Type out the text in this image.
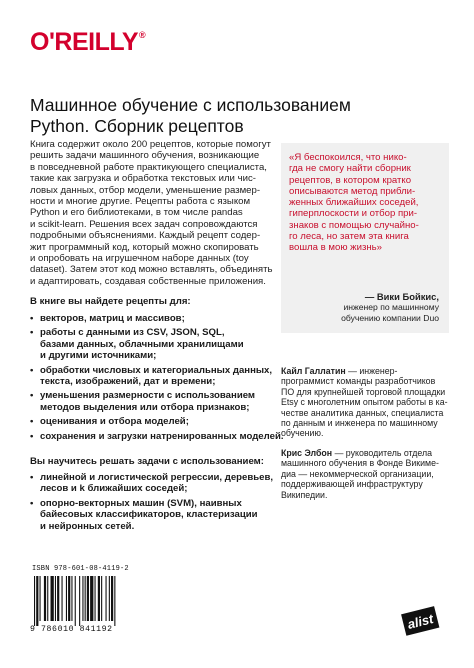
O'REILLY®
Машинное обучение с использованием
Python. Сборник рецептов
Книга содержит около 200 рецептов, которые помогут
решить задачи машинного обучения, возникающие
в повседневной работе практикующего специалиста,
такие как загрузка и обработка текстовых или чис-
ловых данных, отбор модели, уменьшение размер-
ности и многие другие. Рецепты работа с языком
Python и его библиотеками, в том числе pandas
и scikit-learn. Решения всех задач сопровождаются
подробными объяснениями. Каждый рецепт содер-
жит программный код, который можно скопировать
и опробовать на игрушечном наборе данных (toy
dataset). Затем этот код можно вставлять, объединять
и адаптировать, создавая собственные приложения.
В книге вы найдете рецепты для:
• векторов, матриц и массивов;
• работы с данными из CSV, JSON, SQL,
базами данных, облачными хранилищами
и другими источниками;
• обработки числовых и категориальных данных,
текста, изображений, дат и времени;
• уменьшения размерности с использованием
методов выделения или отбора признаков;
• оценивания и отбора моделей;
• сохранения и загрузки натренированных моделей.
Вы научитесь решать задачи с использованием:
• линейной и логистической регрессии, деревьев,
лесов и k ближайших соседей;
• опорно-векторных машин (SVM), наивных
байесовых классификаторов, кластеризации
и нейронных сетей.
«Я беспокоился, что нико-
гда не смогу найти сборник
рецептов, в котором кратко
описываются метод прибли-
женных ближайших соседей,
гиперплоскости и отбор при-
знаков с помощью случайно-
го леса, но затем эта книга
вошла в мою жизнь»
— Вики Бойкис,
инженер по машинному
обучению компании Duo
Кайл Галлатин — инженер-
программист команды разработчиков
ПО для крупнейшей торговой площадки
Etsy с многолетним опытом работы в ка-
честве аналитика данных, специалиста
по данным и инженера по машинному
обучению.
Крис Элбон — руководитель отдела
машинного обучения в Фонде Викиме-
диа — некоммерческой организации,
поддерживающей инфраструктуру
Википедии.
ISBN 978-601-08-4119-2
9 786010 841192	alist
